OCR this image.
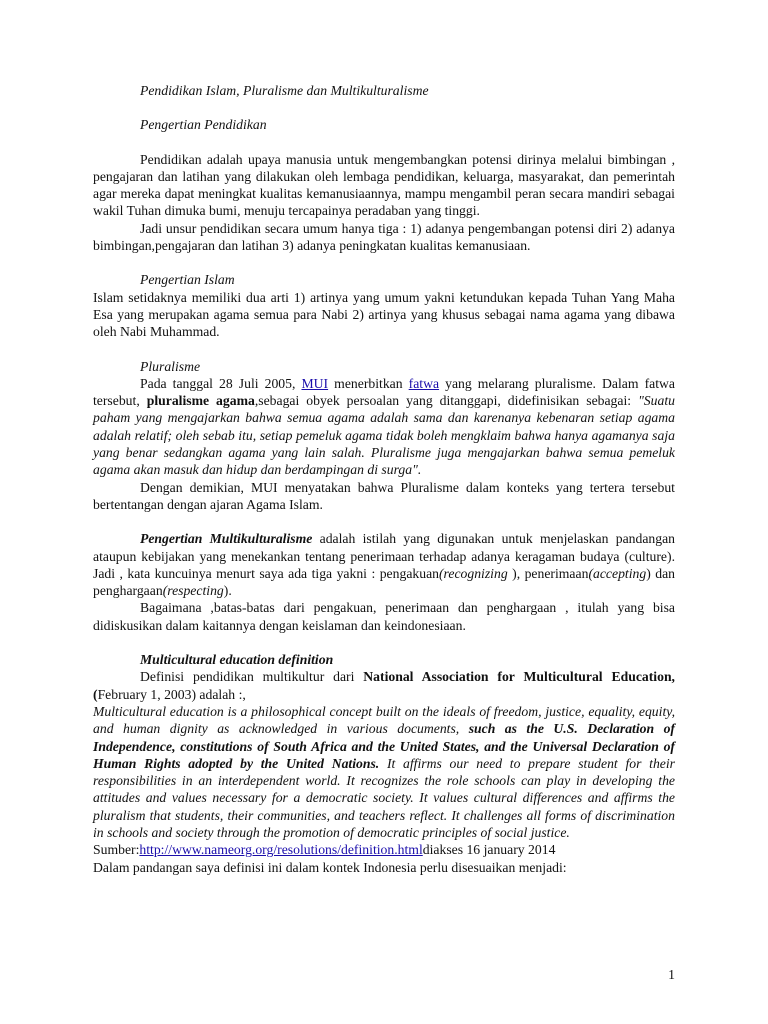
Pendidikan Islam, Pluralisme dan Multikulturalisme

Pengertian Pendidikan

Pendidikan adalah upaya manusia untuk mengembangkan potensi dirinya melalui bimbingan , pengajaran dan latihan yang dilakukan oleh lembaga pendidikan, keluarga, masyarakat, dan pemerintah agar mereka dapat meningkat kualitas kemanusiaannya, mampu mengambil peran secara mandiri sebagai wakil Tuhan dimuka bumi, menuju tercapainya peradaban yang tinggi.

Jadi unsur pendidikan secara umum hanya tiga : 1) adanya pengembangan potensi diri 2) adanya bimbingan,pengajaran dan latihan 3) adanya peningkatan kualitas kemanusiaan.

Pengertian Islam

Islam setidaknya memiliki dua arti 1) artinya yang umum yakni ketundukan kepada Tuhan Yang Maha Esa yang merupakan agama semua para Nabi 2) artinya yang khusus sebagai nama agama yang dibawa oleh Nabi Muhammad.

Pluralisme

Pada tanggal 28 Juli 2005, MUI menerbitkan fatwa yang melarang pluralisme. Dalam fatwa tersebut, pluralisme agama,sebagai obyek persoalan yang ditanggapi, didefinisikan sebagai: "Suatu paham yang mengajarkan bahwa semua agama adalah sama dan karenanya kebenaran setiap agama adalah relatif; oleh sebab itu, setiap pemeluk agama tidak boleh mengklaim bahwa hanya agamanya saja yang benar sedangkan agama yang lain salah. Pluralisme juga mengajarkan bahwa semua pemeluk agama akan masuk dan hidup dan berdampingan di surga".

Dengan demikian, MUI menyatakan bahwa Pluralisme dalam konteks yang tertera tersebut bertentangan dengan ajaran Agama Islam.

Pengertian Multikulturalisme adalah istilah yang digunakan untuk menjelaskan pandangan ataupun kebijakan yang menekankan tentang penerimaan terhadap adanya keragaman budaya (culture). Jadi , kata kuncuinya menurt saya ada tiga yakni : pengakuan(recognizing ), penerimaan(accepting) dan penghargaan(respecting).

Bagaimana ,batas-batas dari pengakuan, penerimaan dan penghargaan , itulah yang bisa didiskusikan dalam kaitannya dengan keislaman dan keindonesiaan.

Multicultural education definition

Definisi pendidikan multikultur dari National Association for Multicultural Education, (February 1, 2003) adalah :,

Multicultural education is a philosophical concept built on the ideals of freedom, justice, equality, equity, and human dignity as acknowledged in various documents, such as the U.S. Declaration of Independence, constitutions of South Africa and the United States, and the Universal Declaration of Human Rights adopted by the United Nations. It affirms our need to prepare student for their responsibilities in an interdependent world. It recognizes the role schools can play in developing the attitudes and values necessary for a democratic society. It values cultural differences and affirms the pluralism that students, their communities, and teachers reflect. It challenges all forms of discrimination in schools and society through the promotion of democratic principles of social justice.

Sumber:http://www.nameorg.org/resolutions/definition.htmldiakses 16 january 2014

Dalam pandangan saya definisi ini dalam kontek Indonesia perlu disesuaikan menjadi:

1
